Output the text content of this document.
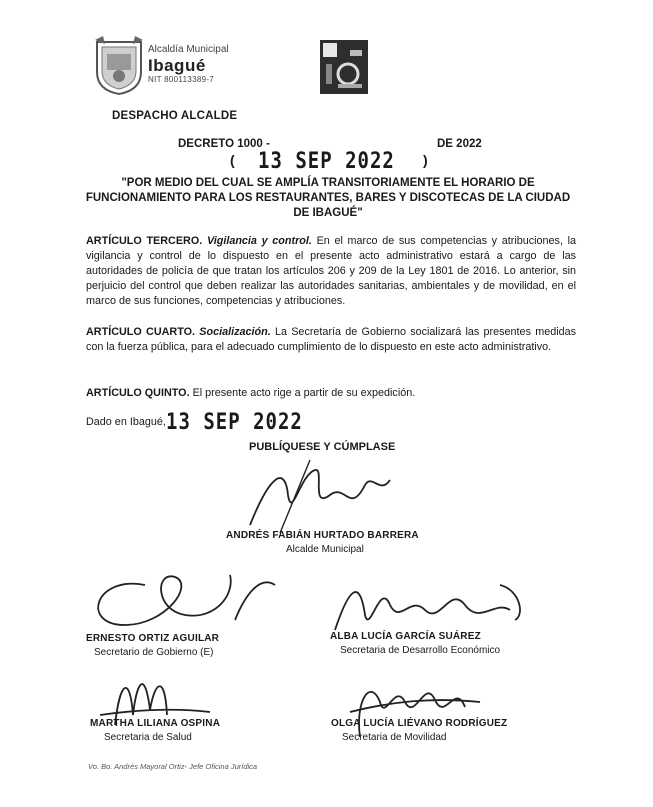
Alcaldía Municipal
Ibagué
NIT 800113389-7
DESPACHO ALCALDE
DECRETO 1000 -	DE 2022
( 13 SEP 2022 )
"POR MEDIO DEL CUAL SE AMPLÍA TRANSITORIAMENTE EL HORARIO DE
FUNCIONAMIENTO PARA LOS RESTAURANTES, BARES Y DISCOTECAS DE LA CIUDAD
DE IBAGUÉ"
ARTÍCULO TERCERO. Vigilancia y control. En el marco de sus competencias y atribuciones, la vigilancia y control de lo dispuesto en el presente acto administrativo estará a cargo de las autoridades de policía de que tratan los artículos 206 y 209 de la Ley 1801 de 2016. Lo anterior, sin perjuicio del control que deben realizar las autoridades sanitarias, ambientales y de movilidad, en el marco de sus funciones, competencias y atribuciones.
ARTÍCULO CUARTO. Socialización. La Secretaría de Gobierno socializará las presentes medidas con la fuerza pública, para el adecuado cumplimiento de lo dispuesto en este acto administrativo.
ARTÍCULO QUINTO. El presente acto rige a partir de su expedición.
Dado en Ibagué, 13 SEP 2022
PUBLÍQUESE Y CÚMPLASE
ANDRÉS FABIÁN HURTADO BARRERA
Alcalde Municipal
ERNESTO ORTIZ AGUILAR
Secretario de Gobierno (E)
ALBA LUCÍA GARCÍA SUÁREZ
Secretaria de Desarrollo Económico
MARTHA LILIANA OSPINA
Secretaria de Salud
OLGA LUCÍA LIÉVANO RODRÍGUEZ
Secretaria de Movilidad
Vo. Bo. Andrés Mayoral Ortiz- Jefe Oficina Jurídica
